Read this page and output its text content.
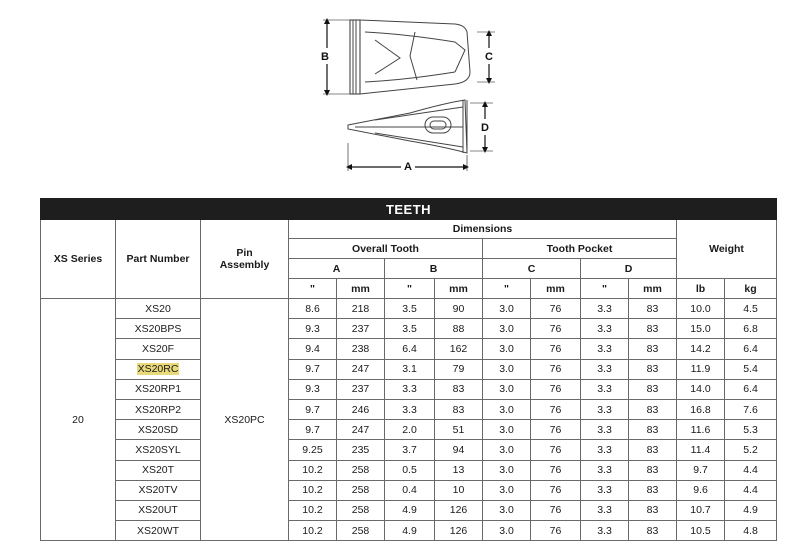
B	C
D
A
TEETH												
XS Series	Part Number	Pin
Assembly	Dimensions								Weight	
			Overall Tooth				Tooth Pocket					
			A		B		C		D			
			"	mm	"	mm	"	mm	"	mm	lb	kg
20	XS20	XS20PC	8.6	218	3.5	90	3.0	76	3.3	83	10.0	4.5
	XS20BPS		9.3	237	3.5	88	3.0	76	3.3	83	15.0	6.8
	XS20F		9.4	238	6.4	162	3.0	76	3.3	83	14.2	6.4
	XS20RC		9.7	247	3.1	79	3.0	76	3.3	83	11.9	5.4
	XS20RP1		9.3	237	3.3	83	3.0	76	3.3	83	14.0	6.4
	XS20RP2		9.7	246	3.3	83	3.0	76	3.3	83	16.8	7.6
	XS20SD		9.7	247	2.0	51	3.0	76	3.3	83	11.6	5.3
	XS20SYL		9.25	235	3.7	94	3.0	76	3.3	83	11.4	5.2
	XS20T		10.2	258	0.5	13	3.0	76	3.3	83	9.7	4.4
	XS20TV		10.2	258	0.4	10	3.0	76	3.3	83	9.6	4.4
	XS20UT		10.2	258	4.9	126	3.0	76	3.3	83	10.7	4.9
	XS20WT		10.2	258	4.9	126	3.0	76	3.3	83	10.5	4.8
